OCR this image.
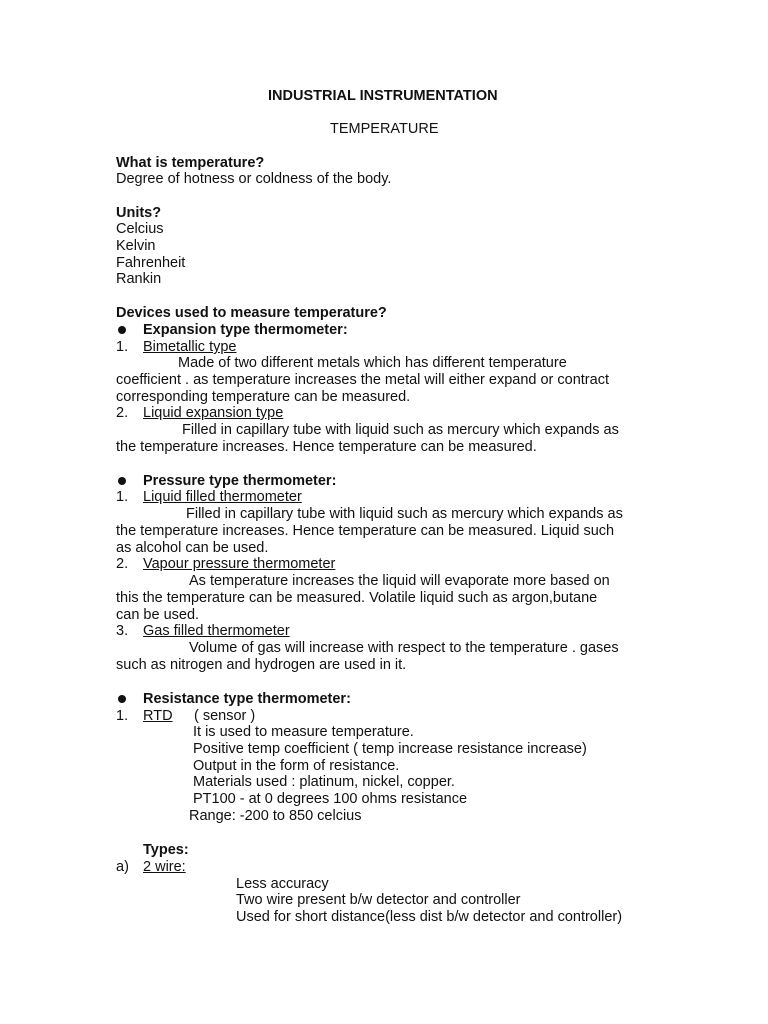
INDUSTRIAL INSTRUMENTATION
TEMPERATURE
What is temperature?
Degree of hotness or coldness of the body.
Units?
Celcius
Kelvin
Fahrenheit
Rankin
Devices used to measure temperature?
Expansion type thermometer:
1. Bimetallic type
Made of two different metals which has different temperature
coefficient . as temperature increases the metal will either expand or contract
corresponding temperature can be measured.
2. Liquid expansion type
Filled in capillary tube with liquid such as mercury which expands as
the temperature increases. Hence temperature can be measured.
Pressure type thermometer:
1. Liquid filled thermometer
Filled in capillary tube with liquid such as mercury which expands as
the temperature increases. Hence temperature can be measured. Liquid such
as alcohol can be used.
2. Vapour pressure thermometer
As temperature increases the liquid will evaporate more based on
this the temperature can be measured. Volatile liquid such as argon,butane
can be used.
3. Gas filled thermometer
Volume of gas will increase with respect to the temperature . gases
such as nitrogen and hydrogen are used in it.
Resistance type thermometer:
1. RTD ( sensor )
It is used to measure temperature.
Positive temp coefficient ( temp increase resistance increase)
Output in the form of resistance.
Materials used : platinum, nickel, copper.
PT100 - at 0 degrees 100 ohms resistance
Range: -200 to 850 celcius
Types:
a) 2 wire:
Less accuracy
Two wire present b/w detector and controller
Used for short distance(less dist b/w detector and controller)
